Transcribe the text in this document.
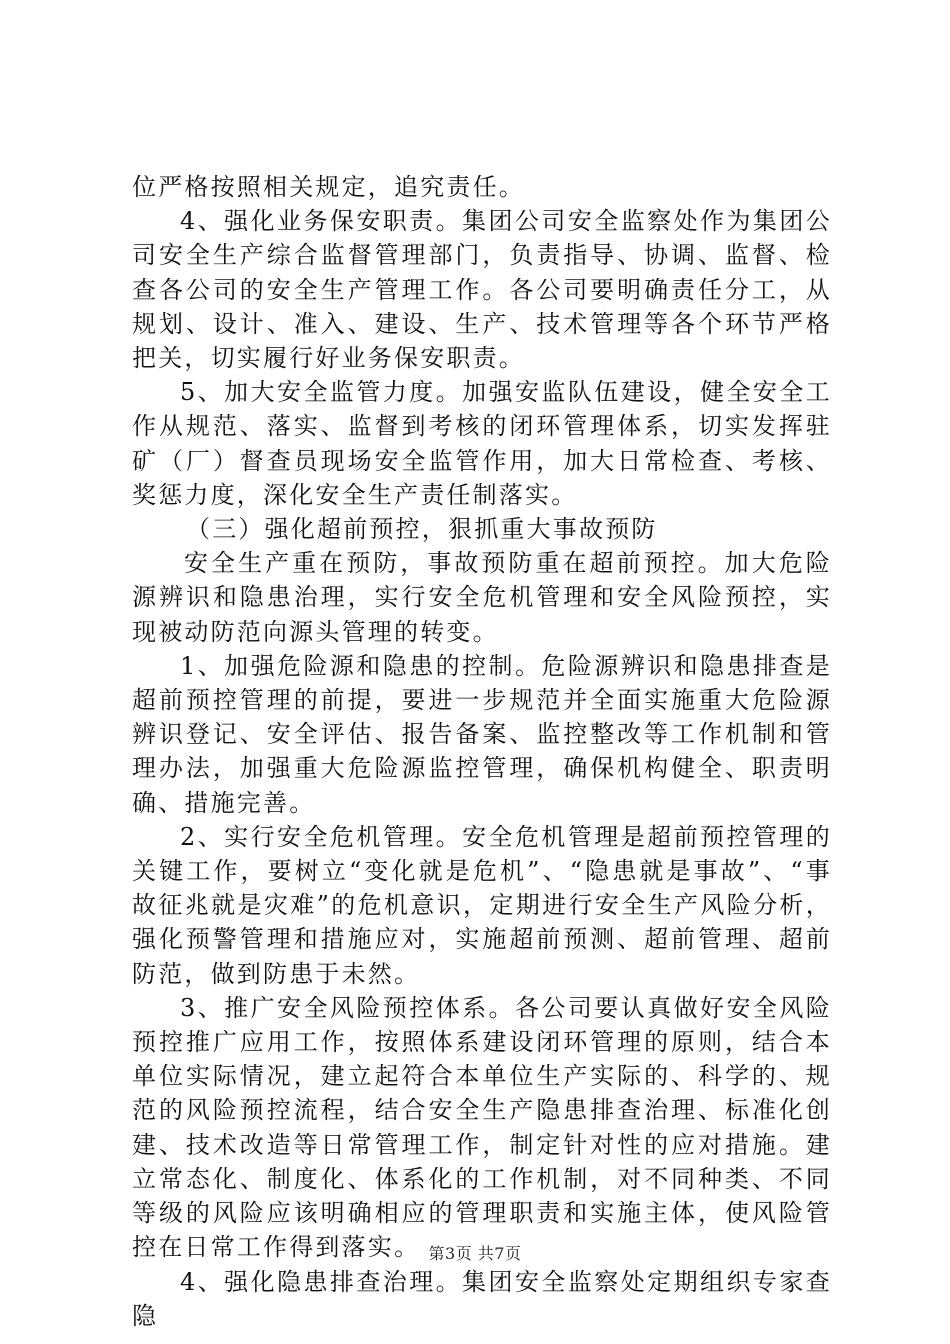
位严格按照相关规定，追究责任。

4、强化业务保安职责。集团公司安全监察处作为集团公司安全生产综合监督管理部门，负责指导、协调、监督、检查各公司的安全生产管理工作。各公司要明确责任分工，从规划、设计、准入、建设、生产、技术管理等各个环节严格把关，切实履行好业务保安职责。

5、加大安全监管力度。加强安监队伍建设，健全安全工作从规范、落实、监督到考核的闭环管理体系，切实发挥驻矿（厂）督查员现场安全监管作用，加大日常检查、考核、奖惩力度，深化安全生产责任制落实。

（三）强化超前预控，狠抓重大事故预防

安全生产重在预防，事故预防重在超前预控。加大危险源辨识和隐患治理，实行安全危机管理和安全风险预控，实现被动防范向源头管理的转变。

1、加强危险源和隐患的控制。危险源辨识和隐患排查是超前预控管理的前提，要进一步规范并全面实施重大危险源辨识登记、安全评估、报告备案、监控整改等工作机制和管理办法，加强重大危险源监控管理，确保机构健全、职责明确、措施完善。

2、实行安全危机管理。安全危机管理是超前预控管理的关键工作，要树立“变化就是危机”、“隐患就是事故”、“事故征兆就是灾难”的危机意识，定期进行安全生产风险分析，强化预警管理和措施应对，实施超前预测、超前管理、超前防范，做到防患于未然。

3、推广安全风险预控体系。各公司要认真做好安全风险预控推广应用工作，按照体系建设闭环管理的原则，结合本单位实际情况，建立起符合本单位生产实际的、科学的、规范的风险预控流程，结合安全生产隐患排查治理、标准化创建、技术改造等日常管理工作，制定针对性的应对措施。建立常态化、制度化、体系化的工作机制，对不同种类、不同等级的风险应该明确相应的管理职责和实施主体，使风险管控在日常工作得到落实。

4、强化隐患排查治理。集团安全监察处定期组织专家查隐

第3页 共7页
